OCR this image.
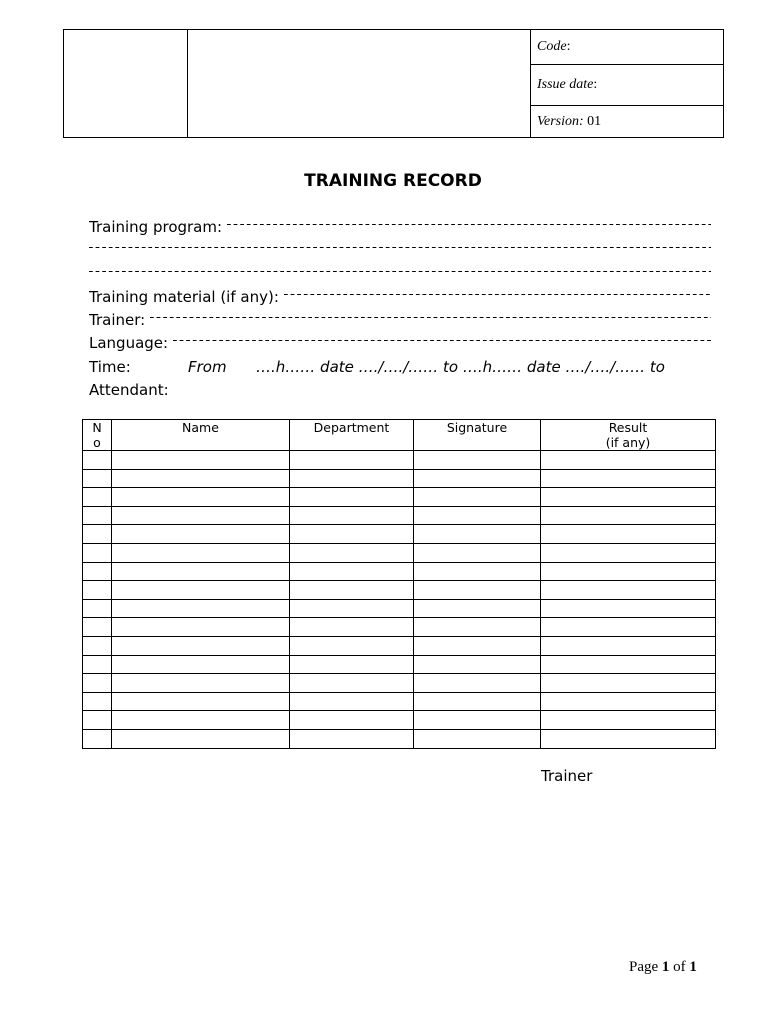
		Code:
Issue date:
Version: 01
TRAINING RECORD
Training program:
Training material (if any):
Trainer:
Language:
Time:	From ….h…… date …./…./…… to ….h…… date …./…./…… to
Attendant:
N
o	Name	Department	Signature	Result
(if any)

Trainer
Page 1 of 1
